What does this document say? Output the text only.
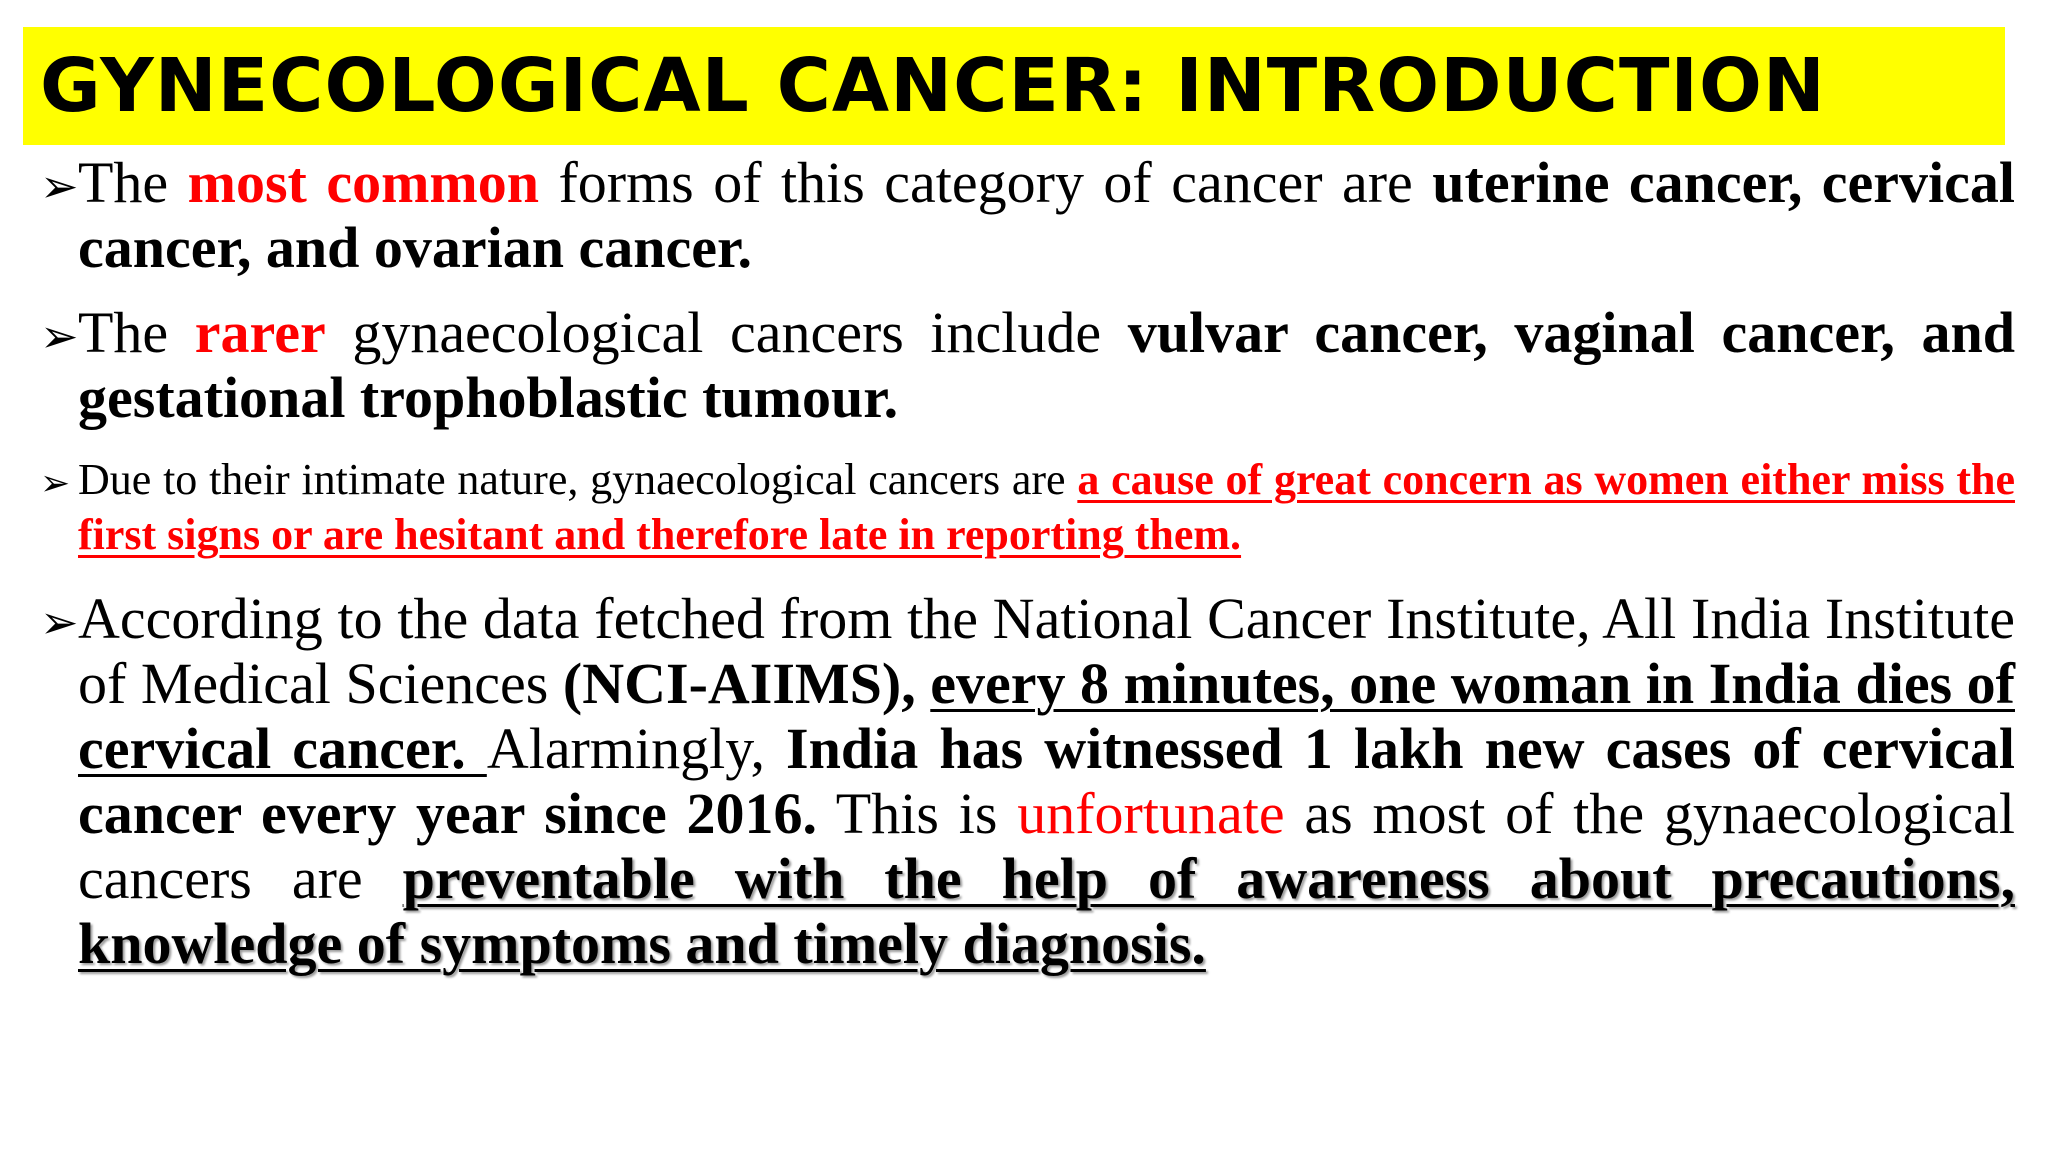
GYNECOLOGICAL CANCER: INTRODUCTION

➢ The most common forms of this category of cancer are uterine cancer, cervical cancer, and ovarian cancer.

➢ The rarer gynaecological cancers include vulvar cancer, vaginal cancer, and gestational trophoblastic tumour.

➢ Due to their intimate nature, gynaecological cancers are a cause of great concern as women either miss the first signs or are hesitant and therefore late in reporting them.

➢ According to the data fetched from the National Cancer Institute, All India Institute of Medical Sciences (NCI-AIIMS), every 8 minutes, one woman in India dies of cervical cancer. Alarmingly, India has witnessed 1 lakh new cases of cervical cancer every year since 2016. This is unfortunate as most of the gynaecological cancers are preventable with the help of awareness about precautions, knowledge of symptoms and timely diagnosis.
